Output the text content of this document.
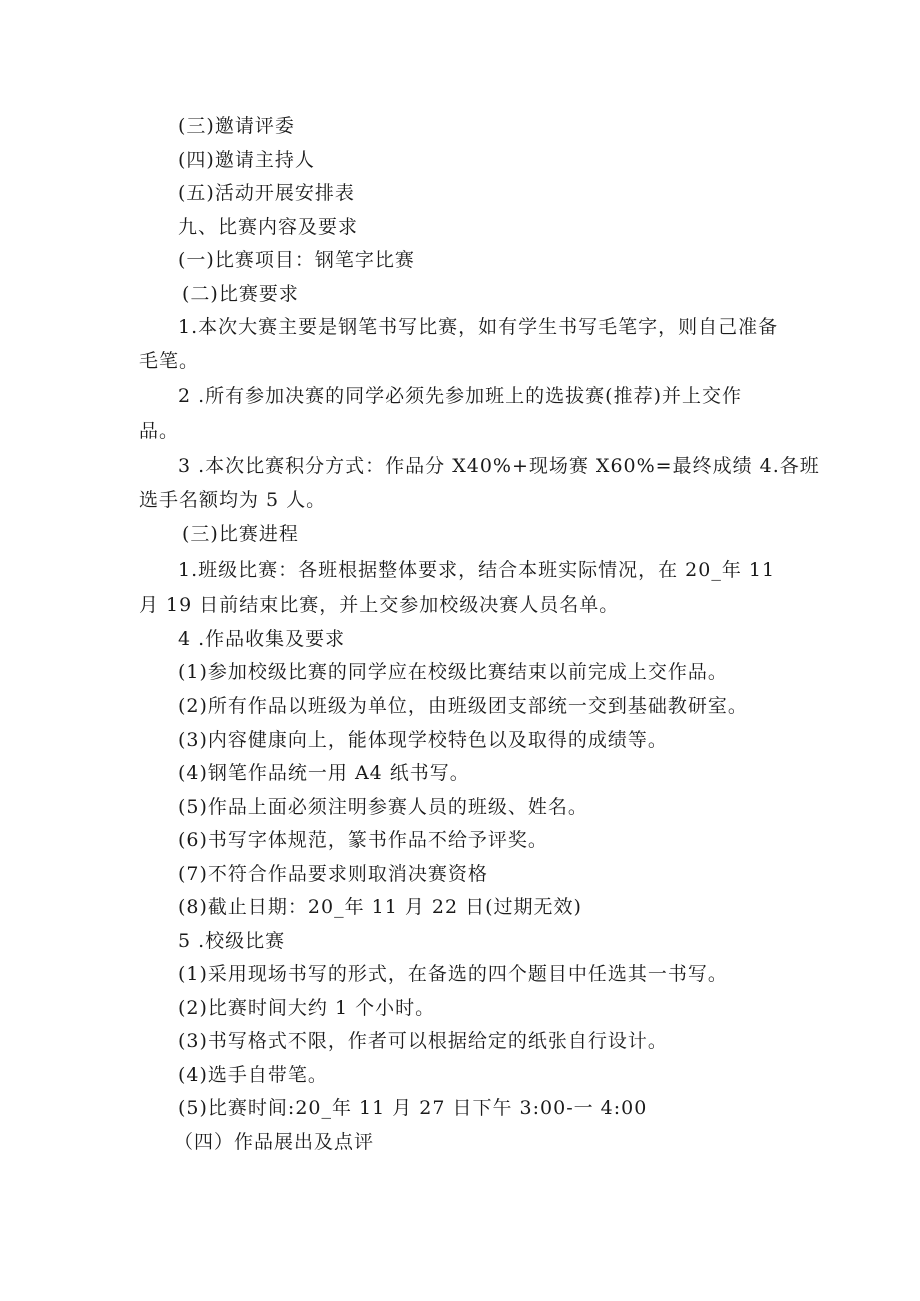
(三)邀请评委
(四)邀请主持人
(五)活动开展安排表
九、比赛内容及要求
(一)比赛项目：钢笔字比赛
(二)比赛要求
1.本次大赛主要是钢笔书写比赛，如有学生书写毛笔字，则自己准备
毛笔。
2 .所有参加决赛的同学必须先参加班上的选拔赛(推荐)并上交作
品。
3 .本次比赛积分方式：作品分 X40%+现场赛 X60%=最终成绩 4.各班
选手名额均为 5 人。
(三)比赛进程
1.班级比赛：各班根据整体要求，结合本班实际情况，在 20_年 11
月 19 日前结束比赛，并上交参加校级决赛人员名单。
4 .作品收集及要求
(1)参加校级比赛的同学应在校级比赛结束以前完成上交作品。
(2)所有作品以班级为单位，由班级团支部统一交到基础教研室。
(3)内容健康向上，能体现学校特色以及取得的成绩等。
(4)钢笔作品统一用 A4 纸书写。
(5)作品上面必须注明参赛人员的班级、姓名。
(6)书写字体规范，篆书作品不给予评奖。
(7)不符合作品要求则取消决赛资格
(8)截止日期：20_年 11 月 22 日(过期无效)
5 .校级比赛
(1)采用现场书写的形式，在备选的四个题目中任选其一书写。
(2)比赛时间大约 1 个小时。
(3)书写格式不限，作者可以根据给定的纸张自行设计。
(4)选手自带笔。
(5)比赛时间:20_年 11 月 27 日下午 3:00-一 4:00
（四）作品展出及点评
